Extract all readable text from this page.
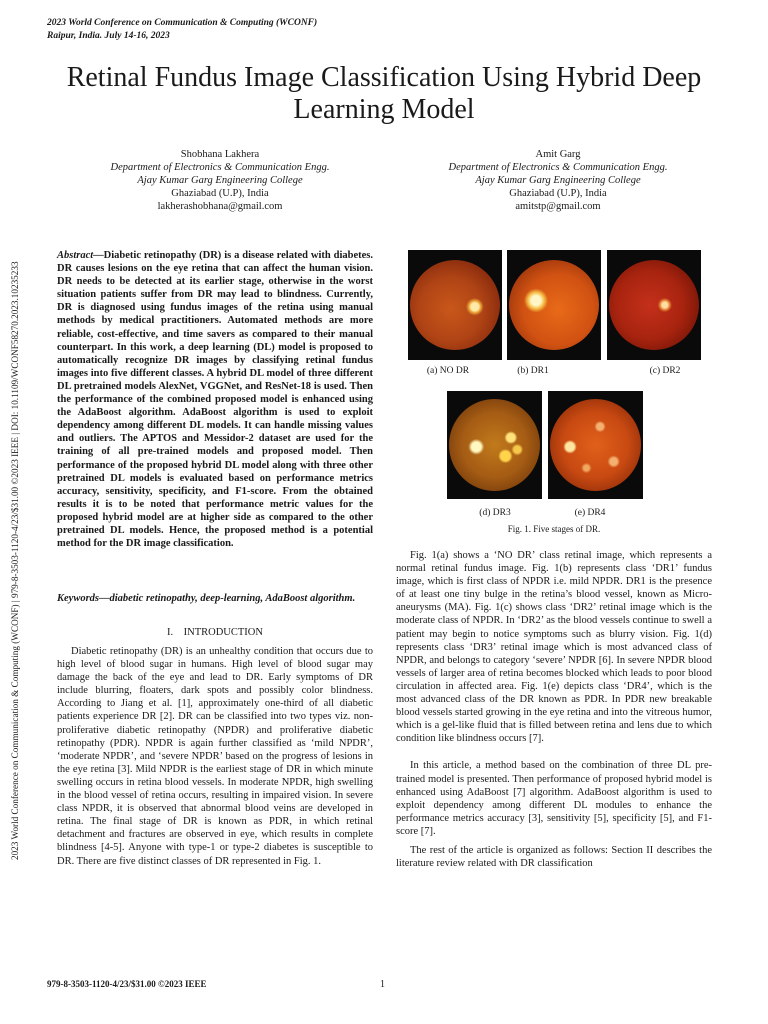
2023 World Conference on Communication & Computing (WCONF)
Raipur, India. July 14-16, 2023
Retinal Fundus Image Classification Using Hybrid Deep Learning Model
Shobhana Lakhera
Department of Electronics & Communication Engg.
Ajay Kumar Garg Engineering College
Ghaziabad (U.P), India
lakherashobhana@gmail.com
Amit Garg
Department of Electronics & Communication Engg.
Ajay Kumar Garg Engineering College
Ghaziabad (U.P), India
amitstp@gmail.com
2023 World Conference on Communication & Computing (WCONF) | 979-8-3503-1120-4/23/$31.00 ©2023 IEEE | DOI: 10.1109/WCONF58270.2023.10235233

Abstract—Diabetic retinopathy (DR) is a disease related with diabetes. DR causes lesions on the eye retina that can affect the human vision. DR needs to be detected at its earlier stage, otherwise in the worst situation patients suffer from DR may lead to blindness. Currently, DR is diagnosed using fundus images of the retina using manual methods by medical practitioners. Automated methods are more reliable, cost-effective, and time savers as compared to their manual counterpart. In this work, a deep learning (DL) model is proposed to automatically recognize DR images by classifying retinal fundus images into five different classes. A hybrid DL model of three different DL pretrained models AlexNet, VGGNet, and ResNet-18 is used. Then the performance of the combined proposed model is enhanced using the AdaBoost algorithm. AdaBoost algorithm is used to exploit dependency among different DL models. It can handle missing values and outliers. The APTOS and Messidor-2 dataset are used for the training of all pre-trained models and proposed model. Then performance of the proposed hybrid DL model along with three other pretrained DL models is evaluated based on performance metrics accuracy, sensitivity, specificity, and F1-score. From the obtained results it is to be noted that performance metric values for the proposed hybrid model are at higher side as compared to the other pretrained DL models. Hence, the proposed method is a potential method for the DR image classification.

Keywords—diabetic retinopathy, deep-learning, AdaBoost algorithm.
I. INTRODUCTION

Diabetic retinopathy (DR) is an unhealthy condition that occurs due to high level of blood sugar in humans. High level of blood sugar may damage the back of the eye and lead to DR. Early symptoms of DR include blurring, floaters, dark spots and possibly color blindness. According to Jiang et al. [1], approximately one-third of all diabetic patients experience DR [2]. DR can be classified into two types viz. non-proliferative diabetic retinopathy (NPDR) and proliferative diabetic retinopathy (PDR). NPDR is again further classified as ‘mild NPDR’, ‘moderate NPDR’, and ‘severe NPDR’ based on the progress of lesions in the eye retina [3]. Mild NPDR is the earliest stage of DR in which minute swelling occurs in retina blood vessels. In moderate NPDR, high swelling in the blood vessel of retina occurs, resulting in impaired vision. In severe class NPDR, it is observed that abnormal blood veins are developed in retina. The final stage of DR is known as PDR, in which retinal detachment and fractures are observed in eye, which results in complete blindness [4-5]. Anyone with type-1 or type-2 diabetes is susceptible to DR. There are five distinct classes of DR represented in Fig. 1.

(a) NO DR	(b) DR1	(c) DR2
(d) DR3	(e) DR4
Fig. 1. Five stages of DR.

Fig. 1(a) shows a ‘NO DR’ class retinal image, which represents a normal retinal fundus image. Fig. 1(b) represents class ‘DR1’ fundus image, which is first class of NPDR i.e. mild NPDR. DR1 is the presence of at least one tiny bulge in the retina’s blood vessel, known as Micro-aneurysms (MA). Fig. 1(c) shows class ‘DR2’ retinal image which is the moderate class of NPDR. In ‘DR2’ as the blood vessels continue to swell a patient may begin to notice symptoms such as blurry vision. Fig. 1(d) represents class ‘DR3’ retinal image which is most advanced class of NPDR, and belongs to category ‘severe’ NPDR [6]. In severe NPDR blood vessels of larger area of retina becomes blocked which leads to poor blood circulation in affected area. Fig. 1(e) depicts class ‘DR4’, which is the most advanced class of the DR known as PDR. In PDR new breakable blood vessels started growing in the eye retina and into the vitreous humor, which is a gel-like fluid that is filled between retina and lens due to which condition like blindness occurs [7].

In this article, a method based on the combination of three DL pre-trained model is presented. Then performance of proposed hybrid model is enhanced using AdaBoost [7] algorithm. AdaBoost algorithm is used to exploit dependency among different DL modules to enhance the performance metrics accuracy [3], sensitivity [5], specificity [5], and F1-score [7].

The rest of the article is organized as follows: Section II describes the literature review related with DR classification

979-8-3503-1120-4/23/$31.00 ©2023 IEEE	1
